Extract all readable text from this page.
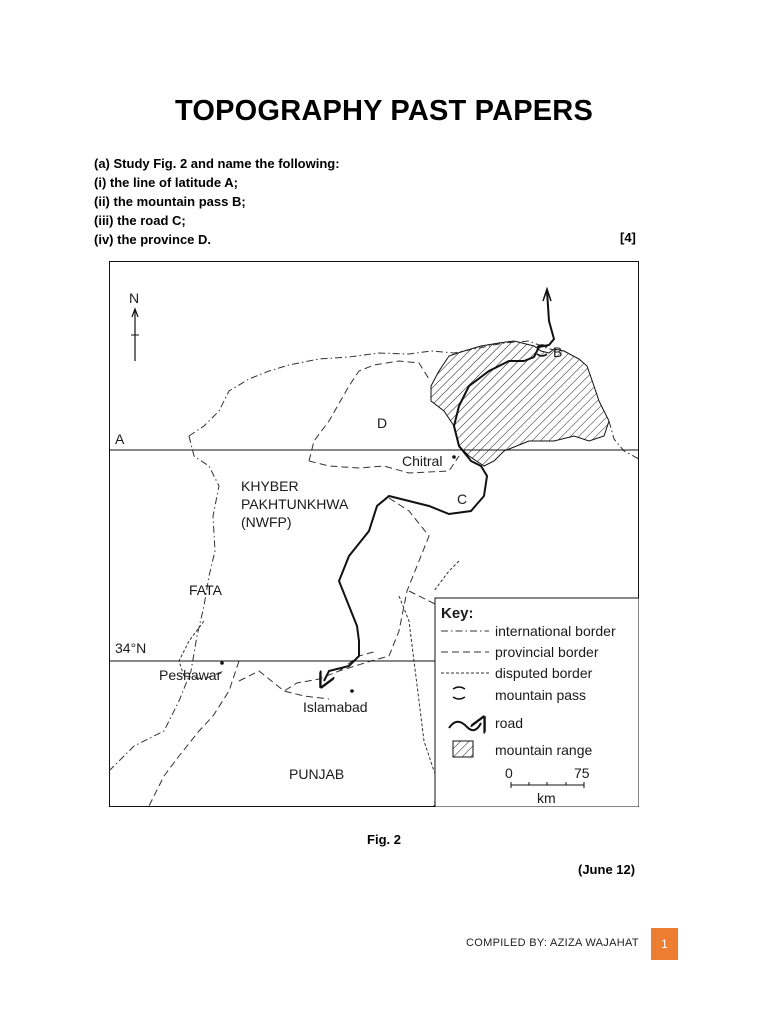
TOPOGRAPHY PAST PAPERS
(a) Study Fig. 2 and name the following:
(i) the line of latitude A;
(ii) the mountain pass B;
(iii) the road C;
(iv) the province D.	[4]
N
A
B
C
D
Chitral
KHYBER
PAKHTUNKHWA
(NWFP)
FATA
34°N
Peshawar
Islamabad
PUNJAB
Key:
international border
provincial border
disputed border
mountain pass
road
mountain range
0	75
km
Fig. 2
(June 12)
COMPILED BY: AZIZA WAJAHAT	1
